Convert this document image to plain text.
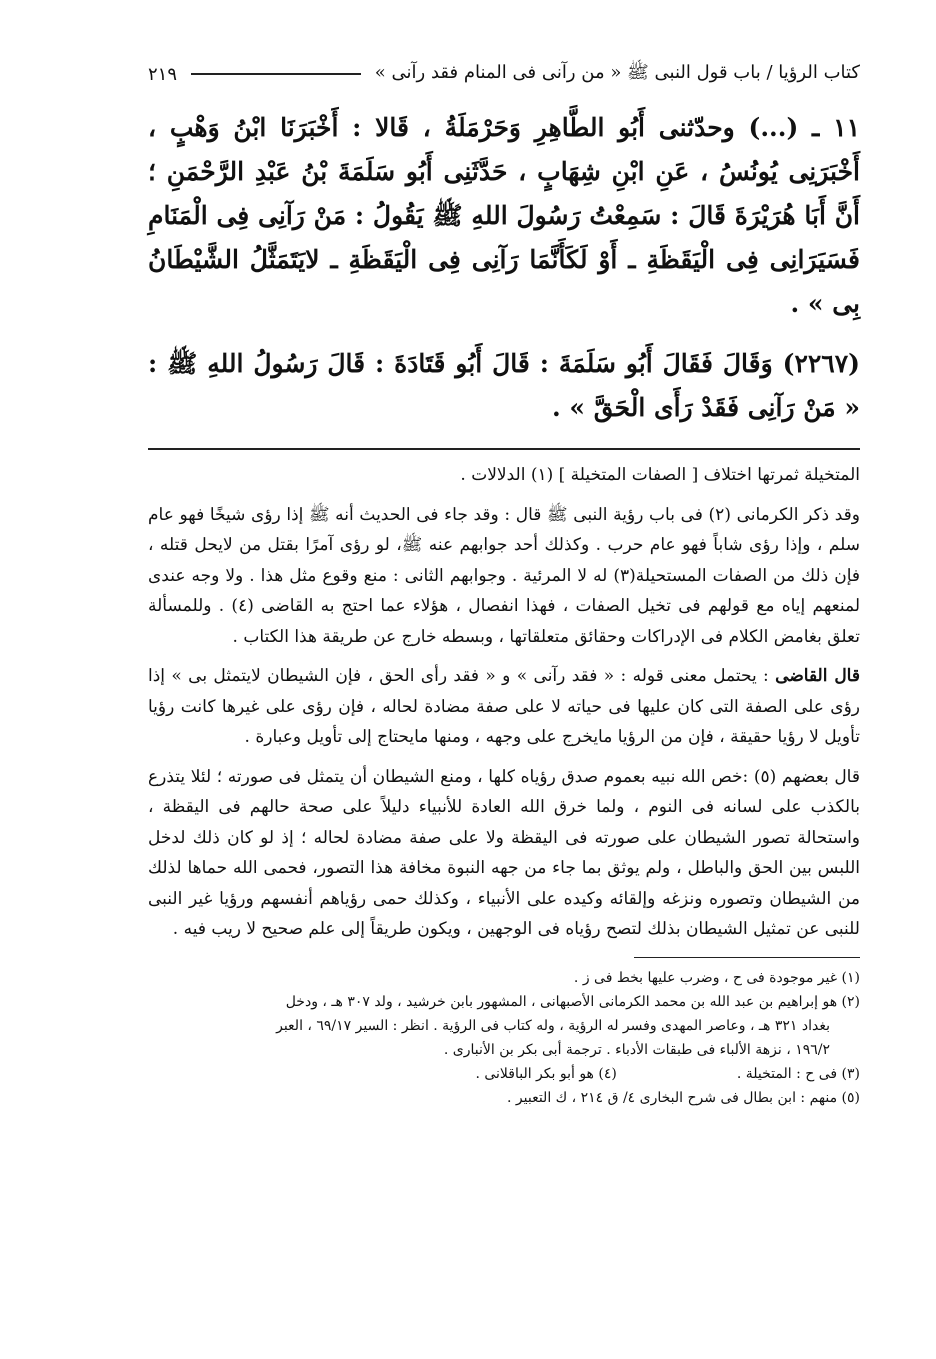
كتاب الرؤيا / باب قول النبى ﷺ « من رآنى فى المنام فقد رآنى »
٢١٩

١١ ـ (...) وحدّثنى أَبُو الطَّاهِرِ وَحَرْمَلَةُ ، قَالا : أَخْبَرَنَا ابْنُ وَهْبٍ ، أَخْبَرَنِى يُونُسُ ، عَنِ ابْنِ شِهَابٍ ، حَدَّثَنِى أَبُو سَلَمَةَ بْنُ عَبْدِ الرَّحْمَنِ ؛ أَنَّ أَبَا هُرَيْرَةَ قَالَ : سَمِعْتُ رَسُولَ اللهِ ﷺ يَقُولُ : مَنْ رَآنِى فِى الْمَنَامِ فَسَيَرَانِى فِى الْيَقَظَةِ ـ أَوْ لَكَأَنَّمَا رَآنِى فِى الْيَقَظَةِ ـ لايَتَمَثَّلُ الشَّيْطَانُ بِى » .

(٢٢٦٧) وَقَالَ فَقَالَ أَبُو سَلَمَةَ : قَالَ أَبُو قَتَادَةَ : قَالَ رَسُولُ اللهِ ﷺ : « مَنْ رَآنِى فَقَدْ رَأَى الْحَقَّ » .

المتخيلة ثمرتها اختلاف [ الصفات المتخيلة ] (١) الدلالات .

وقد ذكر الكرمانى (٢) فى باب رؤية النبى ﷺ قال : وقد جاء فى الحديث أنه ﷺ إذا رؤى شيخًا فهو عام سلم ، وإذا رؤى شاباً فهو عام حرب . وكذلك أحد جوابهم عنه ﷺ، لو رؤى آمرًا بقتل من لايحل قتله ، فإن ذلك من الصفات المستحيلة(٣) له لا المرئية . وجوابهم الثانى : منع وقوع مثل هذا . ولا وجه عندى لمنعهم إياه مع قولهم فى تخيل الصفات ، فهذا انفصال ، هؤلاء عما احتج به القاضى (٤) . وللمسألة تعلق بغامض الكلام فى الإدراكات وحقائق متعلقاتها ، وبسطه خارج عن طريقة هذا الكتاب .

قال القاضى : يحتمل معنى قوله : « فقد رآنى » و « فقد رأى الحق ، فإن الشيطان لايتمثل بى » إذا رؤى على الصفة التى كان عليها فى حياته لا على صفة مضادة لحاله ، فإن رؤى على غيرها كانت رؤيا تأويل لا رؤيا حقيقة ، فإن من الرؤيا مايخرج على وجهه ، ومنها مايحتاج إلى تأويل وعبارة .

قال بعضهم (٥) :خص الله نبيه بعموم صدق رؤياه كلها ، ومنع الشيطان أن يتمثل فى صورته ؛ لئلا يتذرع بالكذب على لسانه فى النوم ، ولما خرق الله العادة للأنبياء دليلاً على صحة حالهم فى اليقظة ، واستحالة تصور الشيطان على صورته فى اليقظة ولا على صفة مضادة لحاله ؛ إذ لو كان ذلك لدخل اللبس بين الحق والباطل ، ولم يوثق بما جاء من جهه النبوة مخافة هذا التصور، فحمى الله حماها لذلك من الشيطان وتصوره ونزغه وإلقائه وكيده على الأنبياء ، وكذلك حمى رؤياهم أنفسهم ورؤيا غير النبى للنبى عن تمثيل الشيطان بذلك لتصح رؤياه فى الوجهين ، ويكون طريقاً إلى علم صحيح لا ريب فيه .

(١) غير موجودة فى ح ، وضرب عليها بخط فى ز .

(٢) هو إبراهيم بن عبد الله بن محمد الكرمانى الأصبهانى ، المشهور بابن خرشيد ، ولد ٣٠٧ هـ ، ودخل

بغداد ٣٢١ هـ ، وعاصر المهدى وفسر له الرؤية ، وله كتاب فى الرؤية . انظر : السير ٦٩/١٧ ، العبر

١٩٦/٢ ، نزهة الألباء فى طبقات الأدباء . ترجمة أبى بكر بن الأنبارى .

(٣) فى ح : المتخيلة .

(٤) هو أبو بكر الباقلانى .

(٥) منهم : ابن بطال فى شرح البخارى ٤/ ق ٢١٤ ، ك التعبير .
